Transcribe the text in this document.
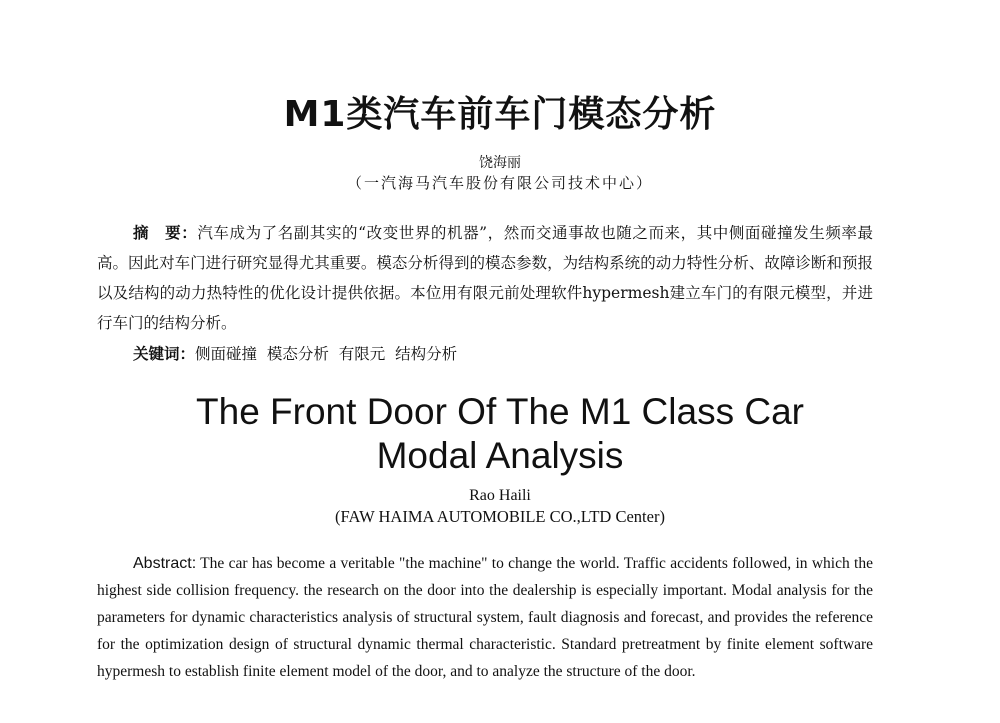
M1类汽车前车门模态分析
饶海丽
（一汽海马汽车股份有限公司技术中心）
摘　要：汽车成为了名副其实的“改变世界的机器”，然而交通事故也随之而来，其中侧面碰撞发生频率最高。因此对车门进行研究显得尤其重要。模态分析得到的模态参数，为结构系统的动力特性分析、故障诊断和预报以及结构的动力热特性的优化设计提供依据。本位用有限元前处理软件hypermesh建立车门的有限元模型，并进行车门的结构分析。
关键词：侧面碰撞  模态分析  有限元  结构分析
The Front Door Of The M1 Class Car
Modal Analysis
Rao Haili
(FAW HAIMA AUTOMOBILE CO.,LTD Center)
Abstract: The car has become a veritable "the machine" to change the world. Traffic accidents followed, in which the highest side collision frequency. the research on the door into the dealership is especially important. Modal analysis for the parameters for dynamic characteristics analysis of structural system, fault diagnosis and forecast, and provides the reference for the optimization design of structural dynamic thermal characteristic. Standard pretreatment by finite element software hypermesh to establish finite element model of the door, and to analyze the structure of the door.
